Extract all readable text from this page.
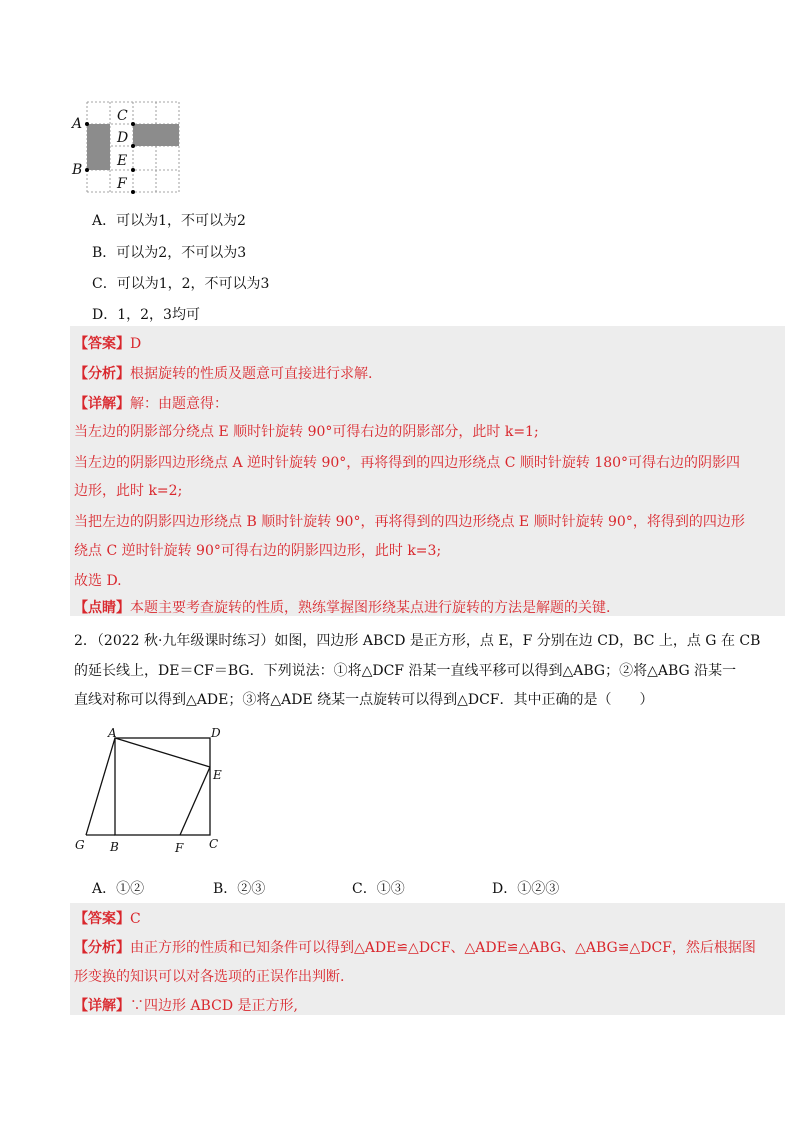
A
B
C
D
E
F
A．可以为1，不可以为2
B．可以为2，不可以为3
C．可以为1，2，不可以为3
D．1，2，3均可
【答案】D
【分析】根据旋转的性质及题意可直接进行求解.
【详解】解：由题意得：
当左边的阴影部分绕点 E 顺时针旋转 90°可得右边的阴影部分，此时 k=1;
当左边的阴影四边形绕点 A 逆时针旋转 90°，再将得到的四边形绕点 C 顺时针旋转 180°可得右边的阴影四
边形，此时 k=2;
当把左边的阴影四边形绕点 B 顺时针旋转 90°，再将得到的四边形绕点 E 顺时针旋转 90°，将得到的四边形
绕点 C 逆时针旋转 90°可得右边的阴影四边形，此时 k=3;
故选 D.
【点睛】本题主要考查旋转的性质，熟练掌握图形绕某点进行旋转的方法是解题的关键.
2．（2022 秋·九年级课时练习）如图，四边形 ABCD 是正方形，点 E，F 分别在边 CD，BC 上，点 G 在 CB
的延长线上，DE＝CF＝BG．下列说法：①将△DCF 沿某一直线平移可以得到△ABG；②将△ABG 沿某一
直线对称可以得到△ADE；③将△ADE 绕某一点旋转可以得到△DCF．其中正确的是（　　）
A	D
E
G B	F C
A．①②	B．②③	C．①③	D．①②③
【答案】C
【分析】由正方形的性质和已知条件可以得到△ADE≌△DCF、△ADE≌△ABG、△ABG≌△DCF，然后根据图
形变换的知识可以对各选项的正误作出判断.
【详解】∵四边形 ABCD 是正方形,
